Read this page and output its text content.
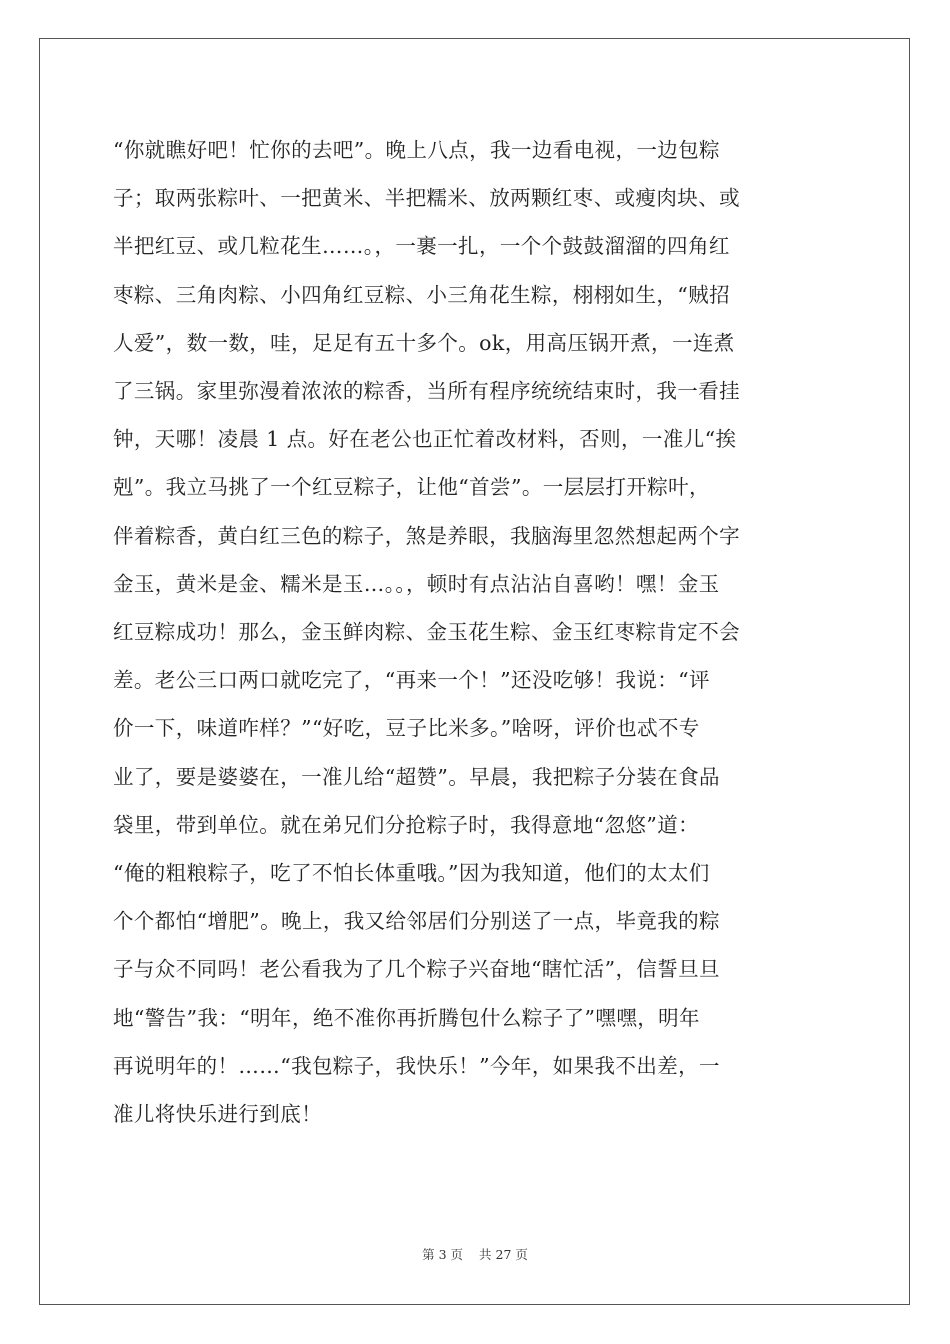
“你就瞧好吧！忙你的去吧”。晚上八点，我一边看电视，一边包粽
子；取两张粽叶、一把黄米、半把糯米、放两颗红枣、或瘦肉块、或
半把红豆、或几粒花生……。，一裹一扎，一个个鼓鼓溜溜的四角红
枣粽、三角肉粽、小四角红豆粽、小三角花生粽，栩栩如生，“贼招
人爱”，数一数，哇，足足有五十多个。ok，用高压锅开煮，一连煮
了三锅。家里弥漫着浓浓的粽香，当所有程序统统结束时，我一看挂
钟，天哪！凌晨 1 点。好在老公也正忙着改材料，否则，一准儿“挨
剋”。我立马挑了一个红豆粽子，让他“首尝”。一层层打开粽叶，
伴着粽香，黄白红三色的粽子，煞是养眼，我脑海里忽然想起两个字
金玉，黄米是金、糯米是玉…。。，顿时有点沾沾自喜哟！嘿！金玉
红豆粽成功！那么，金玉鲜肉粽、金玉花生粽、金玉红枣粽肯定不会
差。老公三口两口就吃完了，“再来一个！”还没吃够！我说：“评
价一下，味道咋样？”“好吃，豆子比米多。”啥呀，评价也忒不专
业了，要是婆婆在，一准儿给“超赞”。早晨，我把粽子分装在食品
袋里，带到单位。就在弟兄们分抢粽子时，我得意地“忽悠”道：
“俺的粗粮粽子，吃了不怕长体重哦。”因为我知道，他们的太太们
个个都怕“增肥”。晚上，我又给邻居们分别送了一点，毕竟我的粽
子与众不同吗！老公看我为了几个粽子兴奋地“瞎忙活”，信誓旦旦
地“警告”我：“明年，绝不准你再折腾包什么粽子了”嘿嘿，明年
再说明年的！……“我包粽子，我快乐！”今年，如果我不出差，一
准儿将快乐进行到底！
第 3 页 共 27 页
